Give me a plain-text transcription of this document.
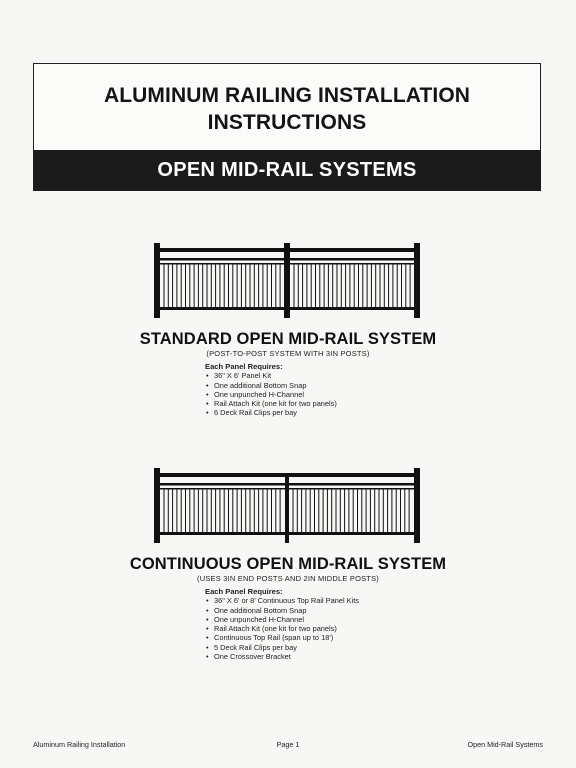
ALUMINUM RAILING INSTALLATION
INSTRUCTIONS
OPEN MID-RAIL SYSTEMS
STANDARD OPEN MID-RAIL SYSTEM
(POST-TO-POST SYSTEM WITH 3IN POSTS)
Each Panel Requires:
• 36" X 6' Panel Kit
• One additional Bottom Snap
• One unpunched H-Channel
• Rail Attach Kit (one kit for two panels)
• 6 Deck Rail Clips per bay
CONTINUOUS OPEN MID-RAIL SYSTEM
(USES 3IN END POSTS AND 2IN MIDDLE POSTS)
Each Panel Requires:
• 36" X 6' or 8' Continuous Top Rail Panel Kits
• One additional Bottom Snap
• One unpunched H-Channel
• Rail Attach Kit (one kit for two panels)
• Continuous Top Rail (span up to 18')
• 5 Deck Rail Clips per bay
• One Crossover Bracket
Aluminum Railing Installation	Page 1	Open Mid-Rail Systems
